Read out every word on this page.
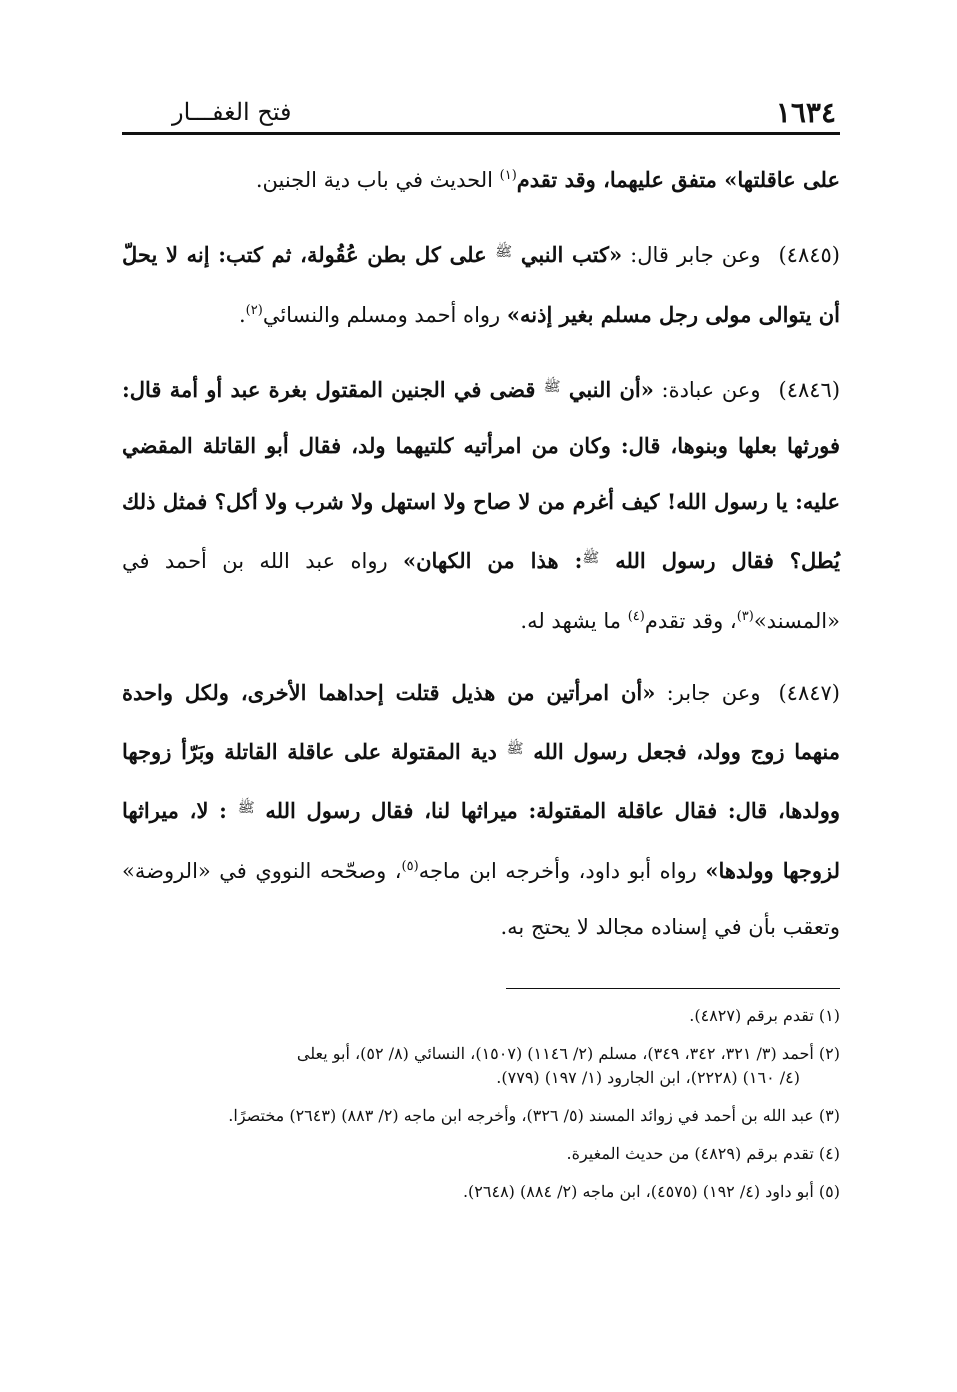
١٦٣٤
فتح الغفـــار

على عاقلتها» متفق عليهما، وقد تقدم$^{(١)}$ الحديث في باب دية الجنين.

(٤٨٤٥)وعن جابر قال: «كتب النبي $^ﷺ$ على كل بطن عُقُولة، ثم كتب: إنه لا يحلّ أن يتوالى مولى رجل مسلم بغير إذنه» رواه أحمد ومسلم والنسائي$^{(٢)}$.

(٤٨٤٦)وعن عبادة: «أن النبي $^ﷺ$ قضى في الجنين المقتول بغرة عبد أو أمة قال: فورثها بعلها وبنوها، قال: وكان من امرأتيه كلتيهما ولد، فقال أبو القاتلة المقضي عليه: يا رسول الله! كيف أغرم من لا صاح ولا استهل ولا شرب ولا أكل؟ فمثل ذلك يُطل؟ فقال رسول الله $^ﷺ$: هذا من الكهان» رواه عبد الله بن أحمد في «المسند»$^{(٣)}$، وقد تقدم$^{(٤)}$ ما يشهد له.

(٤٨٤٧)وعن جابر: «أن امرأتين من هذيل قتلت إحداهما الأخرى، ولكل واحدة منهما زوج وولد، فجعل رسول الله $^ﷺ$ دية المقتولة على عاقلة القاتلة وبَرّأ زوجها وولدها، قال: فقال عاقلة المقتولة: ميراثها لنا، فقال رسول الله $^ﷺ$ : لا، ميراثها لزوجها وولدها» رواه أبو داود، وأخرجه ابن ماجه$^{(٥)}$، وصحّحه النووي في «الروضة» وتعقب بأن في إسناده مجالد لا يحتج به.

(١) تقدم برقم (٤٨٢٧).
(٢) أحمد (٣/ ٣٢١، ٣٤٢، ٣٤٩)، مسلم (٢/ ١١٤٦) (١٥٠٧)، النسائي (٨/ ٥٢)، أبو يعلى
(٤/ ١٦٠) (٢٢٢٨)، ابن الجارود (١/ ١٩٧) (٧٧٩).
(٣) عبد الله بن أحمد في زوائد المسند (٥/ ٣٢٦)، وأخرجه ابن ماجه (٢/ ٨٨٣) (٢٦٤٣) مختصرًا.
(٤) تقدم برقم (٤٨٢٩) من حديث المغيرة.
(٥) أبو داود (٤/ ١٩٢) (٤٥٧٥)، ابن ماجه (٢/ ٨٨٤) (٢٦٤٨).
